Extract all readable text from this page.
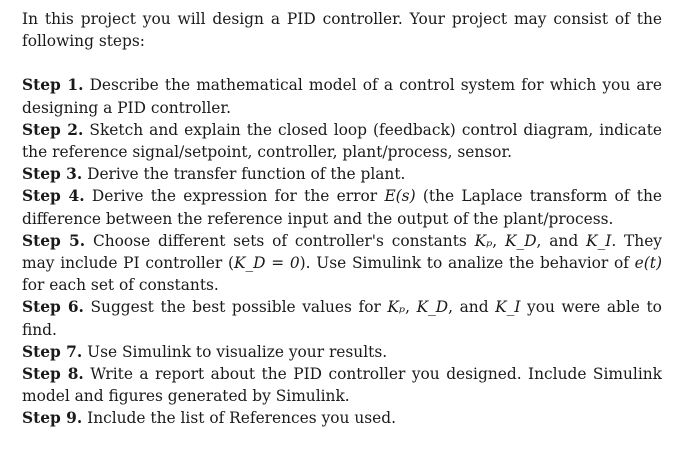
In this project you will design a PID controller. Your project may consist of the following steps:

Step 1. Describe the mathematical model of a control system for which you are designing a PID controller.

Step 2. Sketch and explain the closed loop (feedback) control diagram, indicate the reference signal/setpoint, controller, plant/process, sensor.

Step 3. Derive the transfer function of the plant.

Step 4. Derive the expression for the error E(s) (the Laplace transform of the difference between the reference input and the output of the plant/process.

Step 5. Choose different sets of controller's constants Kₚ, K_D, and K_I. They may include PI controller (K_D = 0). Use Simulink to analize the behavior of e(t) for each set of constants.

Step 6. Suggest the best possible values for Kₚ, K_D, and K_I you were able to find.

Step 7. Use Simulink to visualize your results.

Step 8. Write a report about the PID controller you designed. Include Simulink model and figures generated by Simulink.

Step 9. Include the list of References you used.
